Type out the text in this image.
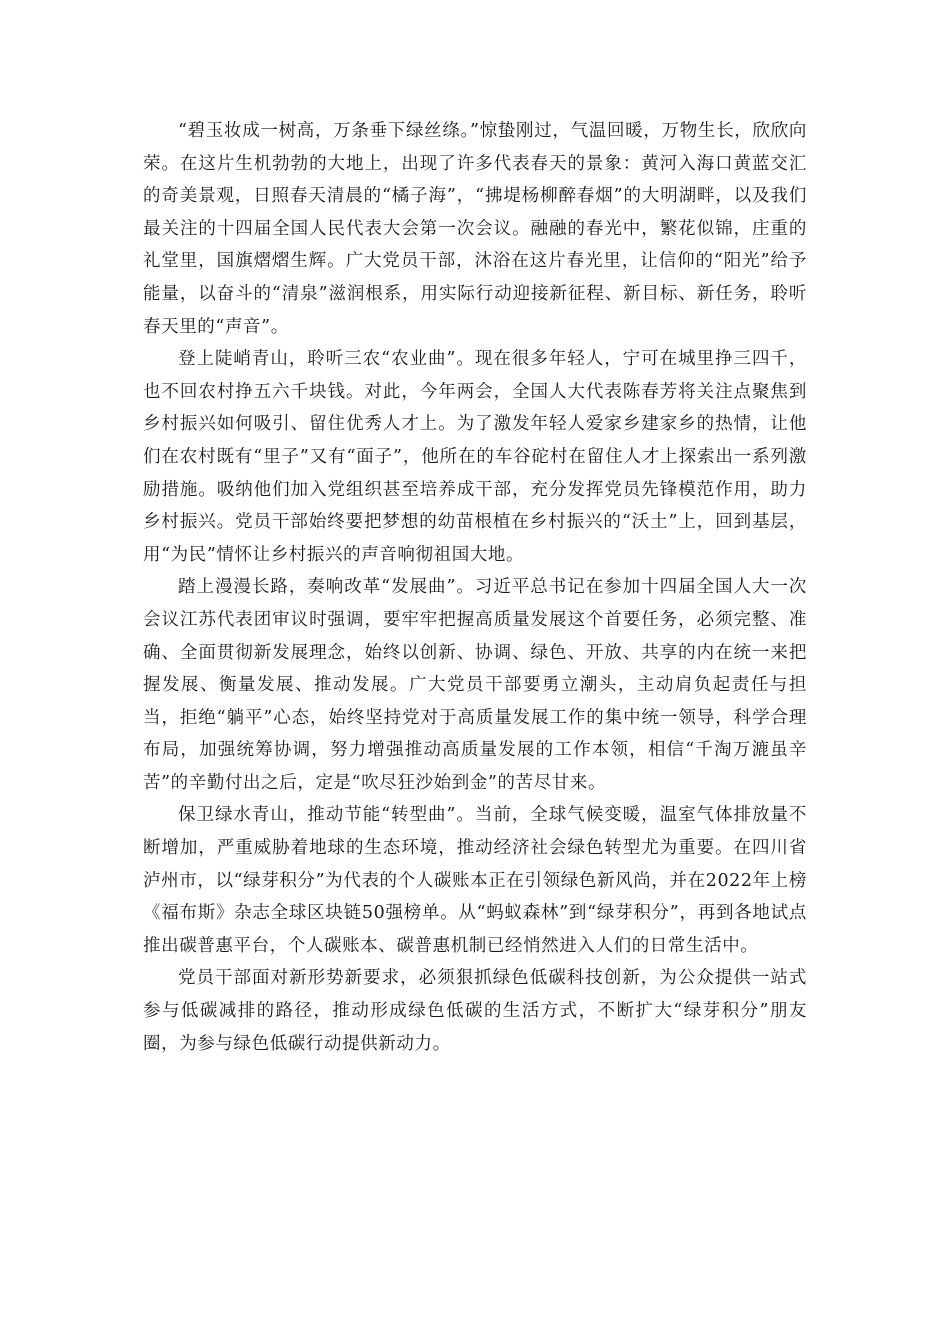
“碧玉妆成一树高，万条垂下绿丝绦。”惊蛰刚过，气温回暖，万物生长，欣欣向荣。在这片生机勃勃的大地上，出现了许多代表春天的景象：黄河入海口黄蓝交汇的奇美景观，日照春天清晨的“橘子海”，“拂堤杨柳醉春烟”的大明湖畔，以及我们最关注的十四届全国人民代表大会第一次会议。融融的春光中，繁花似锦，庄重的礼堂里，国旗熠熠生辉。广大党员干部，沐浴在这片春光里，让信仰的“阳光”给予能量，以奋斗的“清泉”滋润根系，用实际行动迎接新征程、新目标、新任务，聆听春天里的“声音”。

登上陡峭青山，聆听三农“农业曲”。现在很多年轻人，宁可在城里挣三四千，也不回农村挣五六千块钱。对此，今年两会，全国人大代表陈春芳将关注点聚焦到乡村振兴如何吸引、留住优秀人才上。为了激发年轻人爱家乡建家乡的热情，让他们在农村既有“里子”又有“面子”，他所在的车谷砣村在留住人才上探索出一系列激励措施。吸纳他们加入党组织甚至培养成干部，充分发挥党员先锋模范作用，助力乡村振兴。党员干部始终要把梦想的幼苗根植在乡村振兴的“沃土”上，回到基层，用“为民”情怀让乡村振兴的声音响彻祖国大地。

踏上漫漫长路，奏响改革“发展曲”。习近平总书记在参加十四届全国人大一次会议江苏代表团审议时强调，要牢牢把握高质量发展这个首要任务，必须完整、准确、全面贯彻新发展理念，始终以创新、协调、绿色、开放、共享的内在统一来把握发展、衡量发展、推动发展。广大党员干部要勇立潮头，主动肩负起责任与担当，拒绝“躺平”心态，始终坚持党对于高质量发展工作的集中统一领导，科学合理布局，加强统筹协调，努力增强推动高质量发展的工作本领，相信“千淘万漉虽辛苦”的辛勤付出之后，定是“吹尽狂沙始到金”的苦尽甘来。

保卫绿水青山，推动节能“转型曲”。当前，全球气候变暖，温室气体排放量不断增加，严重威胁着地球的生态环境，推动经济社会绿色转型尤为重要。在四川省泸州市，以“绿芽积分”为代表的个人碳账本正在引领绿色新风尚，并在2022年上榜《福布斯》杂志全球区块链50强榜单。从“蚂蚁森林”到“绿芽积分”，再到各地试点推出碳普惠平台，个人碳账本、碳普惠机制已经悄然进入人们的日常生活中。

党员干部面对新形势新要求，必须狠抓绿色低碳科技创新，为公众提供一站式参与低碳减排的路径，推动形成绿色低碳的生活方式，不断扩大“绿芽积分”朋友圈，为参与绿色低碳行动提供新动力。
